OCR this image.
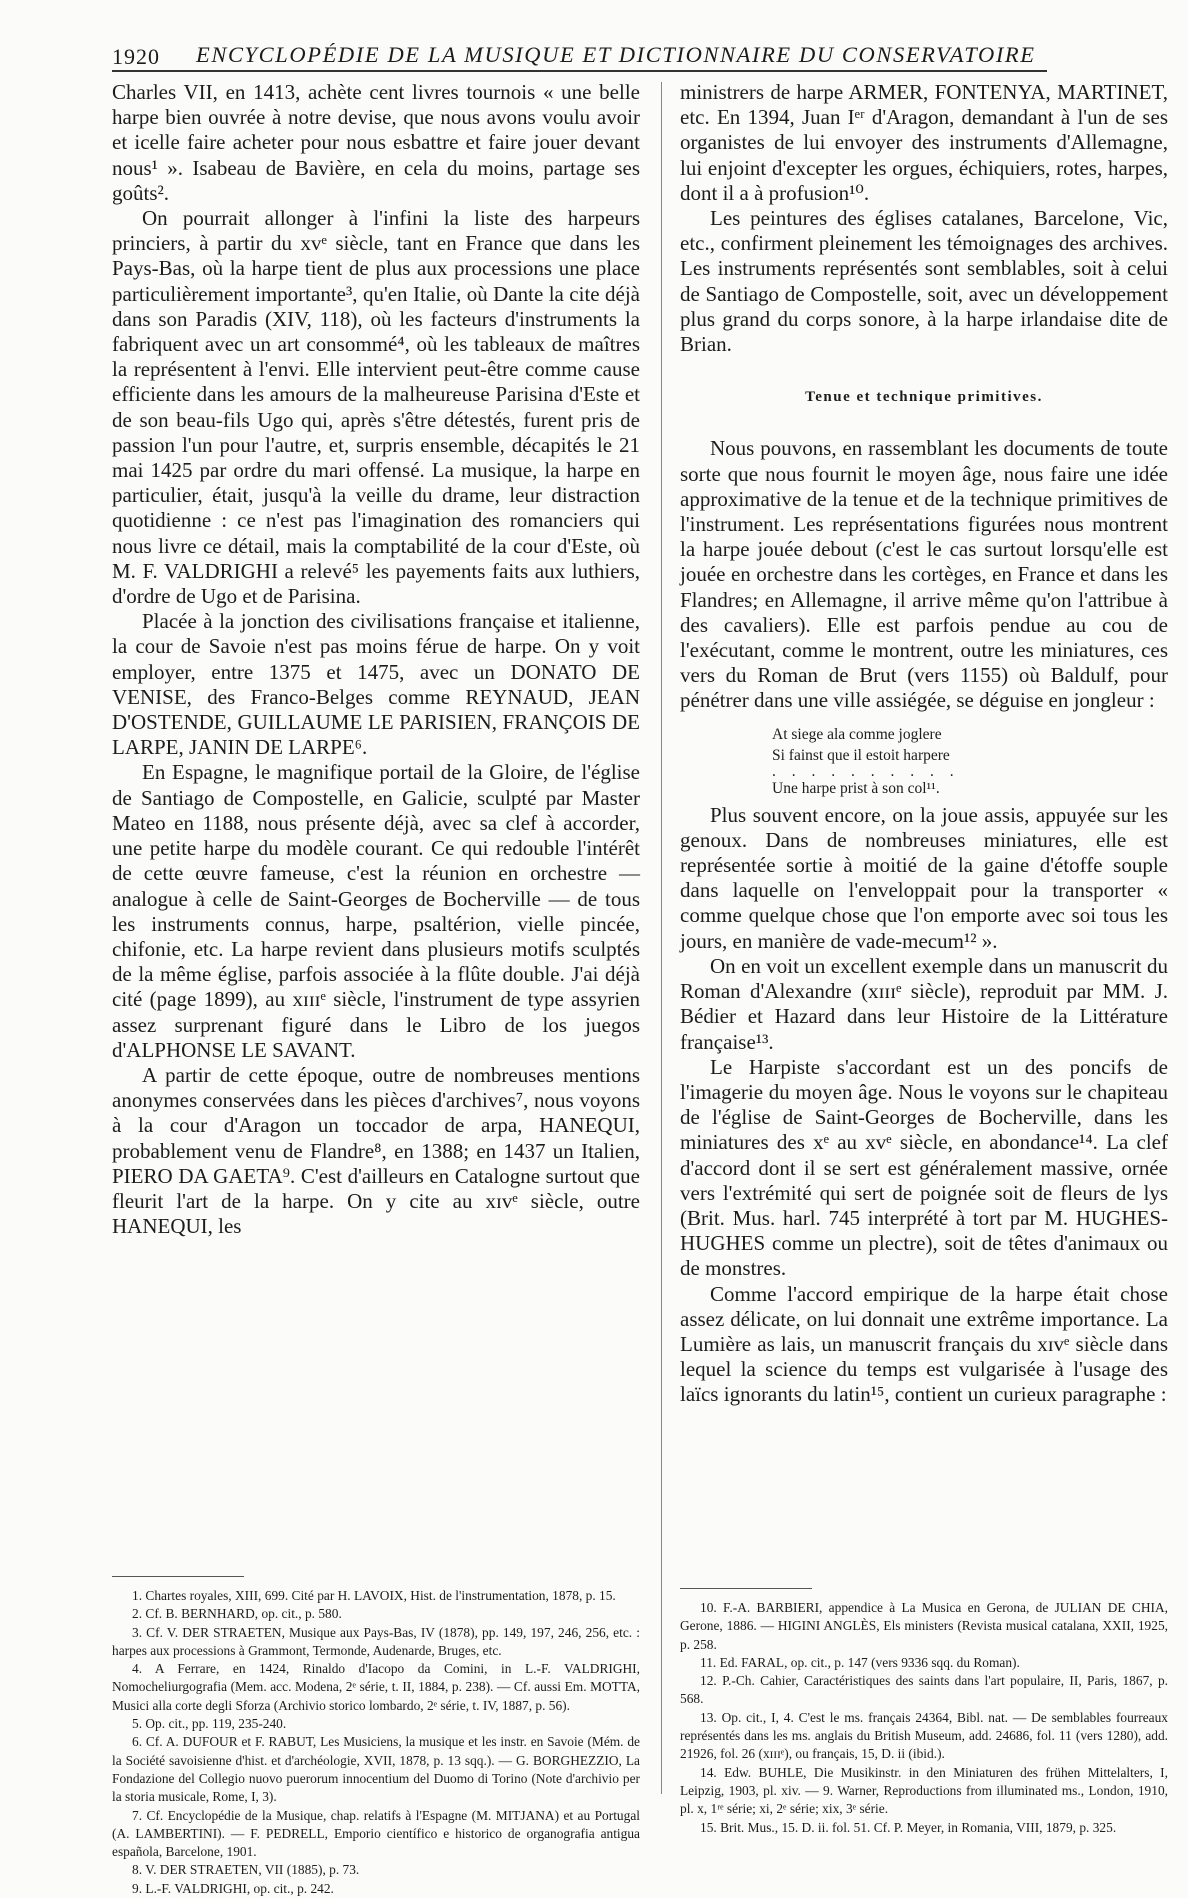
1920 ENCYCLOPÉDIE DE LA MUSIQUE ET DICTIONNAIRE DU CONSERVATOIRE

Charles VII, en 1413, achète cent livres tournois « une belle harpe bien ouvrée à notre devise, que nous avons voulu avoir et icelle faire acheter pour nous esbattre et faire jouer devant nous¹ ». Isabeau de Bavière, en cela du moins, partage ses goûts².

On pourrait allonger à l'infini la liste des harpeurs princiers, à partir du xvᵉ siècle, tant en France que dans les Pays-Bas, où la harpe tient de plus aux processions une place particulièrement importante³, qu'en Italie, où Dante la cite déjà dans son Paradis (XIV, 118), où les facteurs d'instruments la fabriquent avec un art consommé⁴, où les tableaux de maîtres la représentent à l'envi. Elle intervient peut-être comme cause efficiente dans les amours de la malheureuse Parisina d'Este et de son beau-fils Ugo qui, après s'être détestés, furent pris de passion l'un pour l'autre, et, surpris ensemble, décapités le 21 mai 1425 par ordre du mari offensé. La musique, la harpe en particulier, était, jusqu'à la veille du drame, leur distraction quotidienne : ce n'est pas l'imagination des romanciers qui nous livre ce détail, mais la comptabilité de la cour d'Este, où M. F. VALDRIGHI a relevé⁵ les payements faits aux luthiers, d'ordre de Ugo et de Parisina.

Placée à la jonction des civilisations française et italienne, la cour de Savoie n'est pas moins férue de harpe. On y voit employer, entre 1375 et 1475, avec un DONATO DE VENISE, des Franco-Belges comme REYNAUD, JEAN D'OSTENDE, GUILLAUME LE PARISIEN, FRANÇOIS DE LARPE, JANIN DE LARPE⁶.

En Espagne, le magnifique portail de la Gloire, de l'église de Santiago de Compostelle, en Galicie, sculpté par Master Mateo en 1188, nous présente déjà, avec sa clef à accorder, une petite harpe du modèle courant. Ce qui redouble l'intérêt de cette œuvre fameuse, c'est la réunion en orchestre — analogue à celle de Saint-Georges de Bocherville — de tous les instruments connus, harpe, psaltérion, vielle pincée, chifonie, etc. La harpe revient dans plusieurs motifs sculptés de la même église, parfois associée à la flûte double. J'ai déjà cité (page 1899), au xɪɪɪᵉ siècle, l'instrument de type assyrien assez surprenant figuré dans le Libro de los juegos d'ALPHONSE LE SAVANT.

A partir de cette époque, outre de nombreuses mentions anonymes conservées dans les pièces d'archives⁷, nous voyons à la cour d'Aragon un toccador de arpa, HANEQUI, probablement venu de Flandre⁸, en 1388; en 1437 un Italien, PIERO DA GAETA⁹. C'est d'ailleurs en Catalogne surtout que fleurit l'art de la harpe. On y cite au xɪᴠᵉ siècle, outre HANEQUI, les

1. Chartes royales, XIII, 699. Cité par H. LAVOIX, Hist. de l'instrumentation, 1878, p. 15.

2. Cf. B. BERNHARD, op. cit., p. 580.

3. Cf. V. DER STRAETEN, Musique aux Pays-Bas, IV (1878), pp. 149, 197, 246, 256, etc. : harpes aux processions à Grammont, Termonde, Audenarde, Bruges, etc.

4. A Ferrare, en 1424, Rinaldo d'Iacopo da Comini, in L.-F. VALDRIGHI, Nomocheliurgografia (Mem. acc. Modena, 2ᵉ série, t. II, 1884, p. 238). — Cf. aussi Em. MOTTA, Musici alla corte degli Sforza (Archivio storico lombardo, 2ᵉ série, t. IV, 1887, p. 56).

5. Op. cit., pp. 119, 235-240.

6. Cf. A. DUFOUR et F. RABUT, Les Musiciens, la musique et les instr. en Savoie (Mém. de la Société savoisienne d'hist. et d'archéologie, XVII, 1878, p. 13 sqq.). — G. BORGHEZZIO, La Fondazione del Collegio nuovo puerorum innocentium del Duomo di Torino (Note d'archivio per la storia musicale, Rome, I, 3).

7. Cf. Encyclopédie de la Musique, chap. relatifs à l'Espagne (M. MITJANA) et au Portugal (A. LAMBERTINI). — F. PEDRELL, Emporio científico e historico de organografia antigua española, Barcelone, 1901.

8. V. DER STRAETEN, VII (1885), p. 73.

9. L.-F. VALDRIGHI, op. cit., p. 242.

ministrers de harpe ARMER, FONTENYA, MARTINET, etc. En 1394, Juan Iᵉʳ d'Aragon, demandant à l'un de ses organistes de lui envoyer des instruments d'Allemagne, lui enjoint d'excepter les orgues, échiquiers, rotes, harpes, dont il a à profusion¹⁰.

Les peintures des églises catalanes, Barcelone, Vic, etc., confirment pleinement les témoignages des archives. Les instruments représentés sont semblables, soit à celui de Santiago de Compostelle, soit, avec un développement plus grand du corps sonore, à la harpe irlandaise dite de Brian.

Tenue et technique primitives.

Nous pouvons, en rassemblant les documents de toute sorte que nous fournit le moyen âge, nous faire une idée approximative de la tenue et de la technique primitives de l'instrument. Les représentations figurées nous montrent la harpe jouée debout (c'est le cas surtout lorsqu'elle est jouée en orchestre dans les cortèges, en France et dans les Flandres; en Allemagne, il arrive même qu'on l'attribue à des cavaliers). Elle est parfois pendue au cou de l'exécutant, comme le montrent, outre les miniatures, ces vers du Roman de Brut (vers 1155) où Baldulf, pour pénétrer dans une ville assiégée, se déguise en jongleur :

At siege ala comme joglere
Si fainst que il estoit harpere
. . . . . . . . . .
Une harpe prist à son col¹¹.

Plus souvent encore, on la joue assis, appuyée sur les genoux. Dans de nombreuses miniatures, elle est représentée sortie à moitié de la gaine d'étoffe souple dans laquelle on l'enveloppait pour la transporter « comme quelque chose que l'on emporte avec soi tous les jours, en manière de vade-mecum¹² ».

On en voit un excellent exemple dans un manuscrit du Roman d'Alexandre (xɪɪɪᵉ siècle), reproduit par MM. J. Bédier et Hazard dans leur Histoire de la Littérature française¹³.

Le Harpiste s'accordant est un des poncifs de l'imagerie du moyen âge. Nous le voyons sur le chapiteau de l'église de Saint-Georges de Bocherville, dans les miniatures des xᵉ au xvᵉ siècle, en abondance¹⁴. La clef d'accord dont il se sert est généralement massive, ornée vers l'extrémité qui sert de poignée soit de fleurs de lys (Brit. Mus. harl. 745 interprété à tort par M. HUGHES-HUGHES comme un plectre), soit de têtes d'animaux ou de monstres.

Comme l'accord empirique de la harpe était chose assez délicate, on lui donnait une extrême importance. La Lumière as lais, un manuscrit français du xɪᴠᵉ siècle dans lequel la science du temps est vulgarisée à l'usage des laïcs ignorants du latin¹⁵, contient un curieux paragraphe :

10. F.-A. BARBIERI, appendice à La Musica en Gerona, de JULIAN DE CHIA, Gerone, 1886. — HIGINI ANGLÈS, Els ministers (Revista musical catalana, XXII, 1925, p. 258.

11. Ed. FARAL, op. cit., p. 147 (vers 9336 sqq. du Roman).

12. P.-Ch. Cahier, Caractéristiques des saints dans l'art populaire, II, Paris, 1867, p. 568.

13. Op. cit., I, 4. C'est le ms. français 24364, Bibl. nat. — De semblables fourreaux représentés dans les ms. anglais du British Museum, add. 24686, fol. 11 (vers 1280), add. 21926, fol. 26 (xɪɪɪᵉ), ou français, 15, D. ii (ibid.).

14. Edw. BUHLE, Die Musikinstr. in den Miniaturen des frühen Mittelalters, I, Leipzig, 1903, pl. xiv. — 9. Warner, Reproductions from illuminated ms., London, 1910, pl. x, 1ʳᵉ série; xi, 2ᵉ série; xix, 3ᵉ série.

15. Brit. Mus., 15. D. ii. fol. 51. Cf. P. Meyer, in Romania, VIII, 1879, p. 325.
